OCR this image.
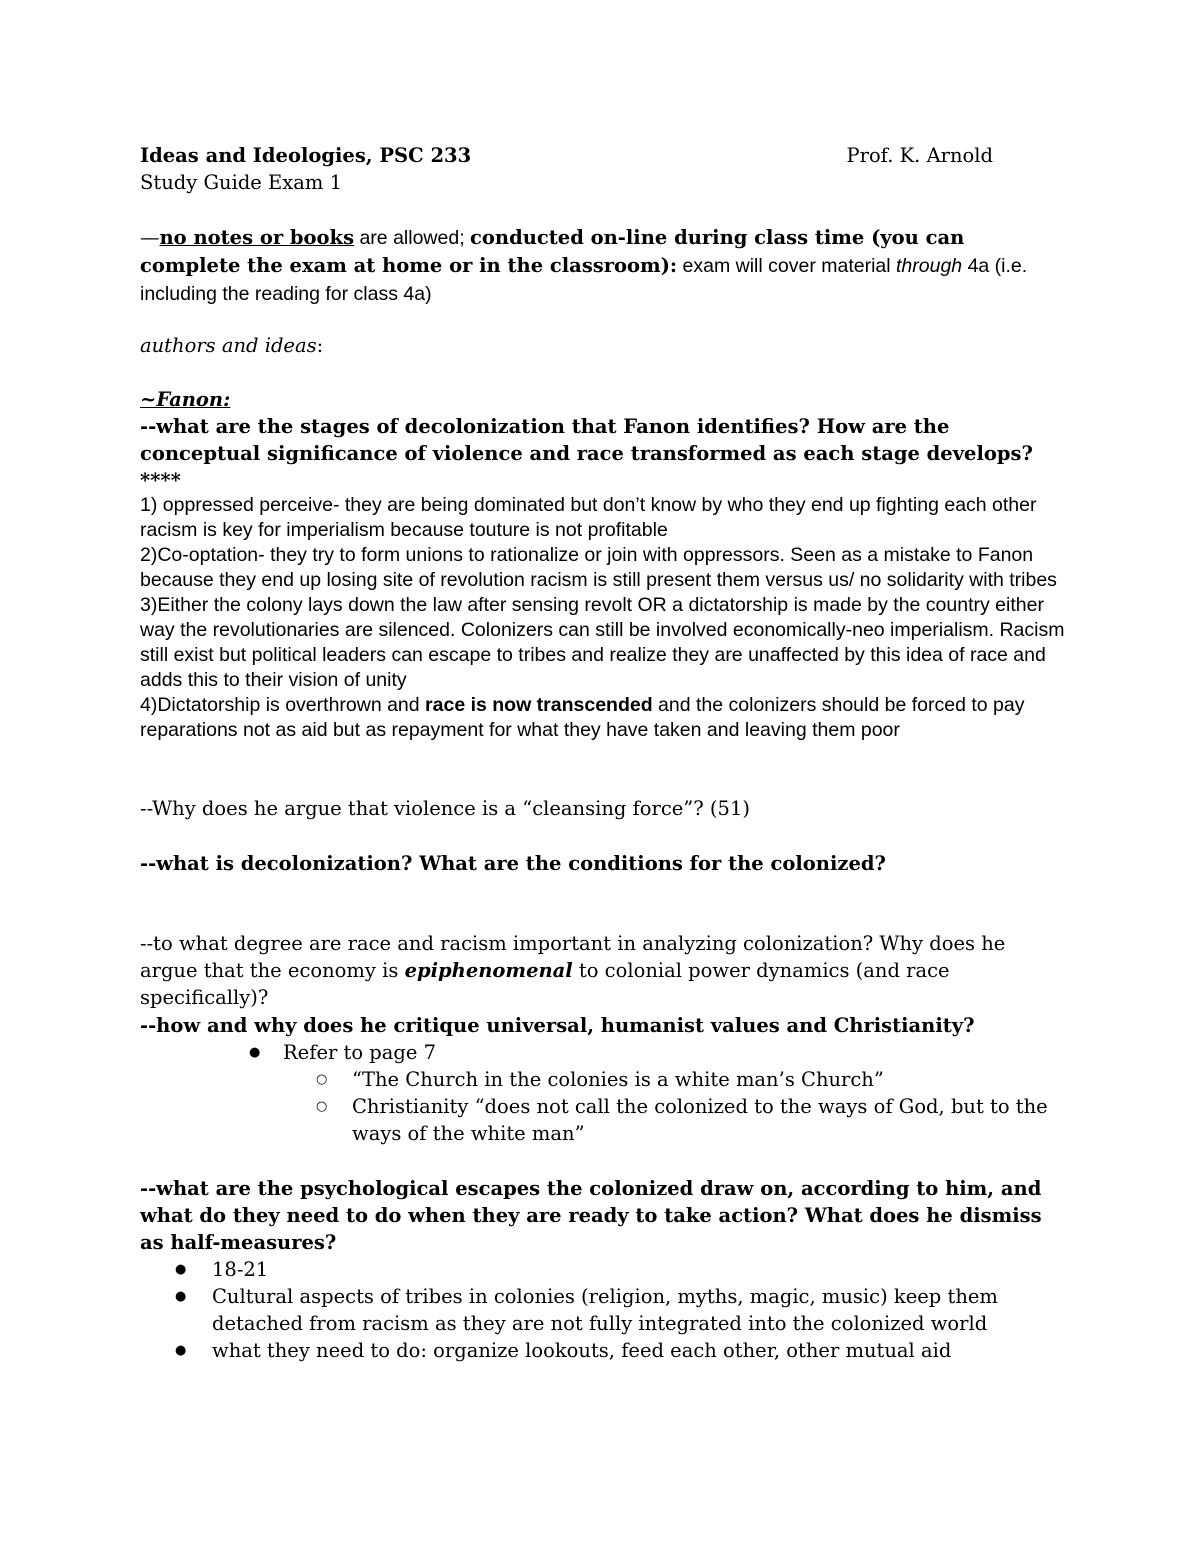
Ideas and Ideologies, PSC 233	Prof. K. Arnold
Study Guide Exam 1
—no notes or books are allowed; conducted on-line during class time (you can complete the exam at home or in the classroom): exam will cover material through 4a (i.e. including the reading for class 4a)
authors and ideas:
~Fanon:
--what are the stages of decolonization that Fanon identifies? How are the conceptual significance of violence and race transformed as each stage develops? ****
1) oppressed perceive- they are being dominated but don’t know by who they end up fighting each other racism is key for imperialism because touture is not profitable
2)Co-optation- they try to form unions to rationalize or join with oppressors. Seen as a mistake to Fanon because they end up losing site of revolution racism is still present them versus us/ no solidarity with tribes
3)Either the colony lays down the law after sensing revolt OR a dictatorship is made by the country either way the revolutionaries are silenced. Colonizers can still be involved economically-neo imperialism. Racism still exist but political leaders can escape to tribes and realize they are unaffected by this idea of race and adds this to their vision of unity
4)Dictatorship is overthrown and race is now transcended and the colonizers should be forced to pay reparations not as aid but as repayment for what they have taken and leaving them poor
--Why does he argue that violence is a “cleansing force”? (51)
--what is decolonization? What are the conditions for the colonized?
--to what degree are race and racism important in analyzing colonization? Why does he argue that the economy is epiphenomenal to colonial power dynamics (and race specifically)?
--how and why does he critique universal, humanist values and Christianity?
● Refer to page 7
○ “The Church in the colonies is a white man’s Church”
○ Christianity “does not call the colonized to the ways of God, but to the ways of the white man”
--what are the psychological escapes the colonized draw on, according to him, and what do they need to do when they are ready to take action? What does he dismiss as half-measures?
● 18-21
● Cultural aspects of tribes in colonies (religion, myths, magic, music) keep them detached from racism as they are not fully integrated into the colonized world
● what they need to do: organize lookouts, feed each other, other mutual aid
